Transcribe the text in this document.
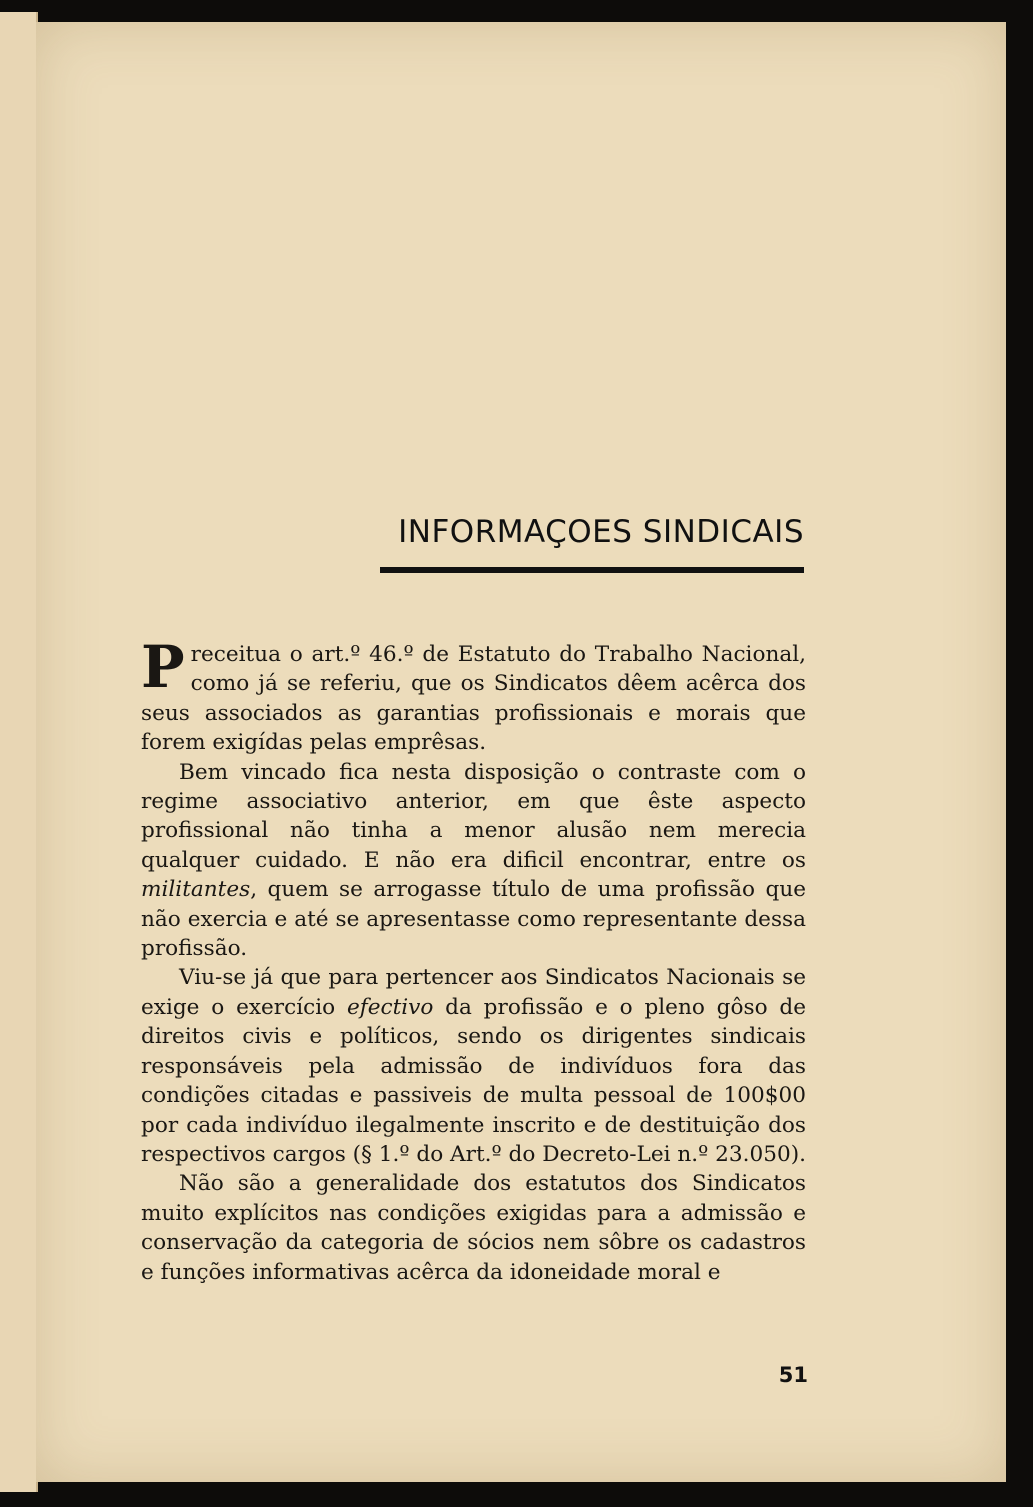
INFORMAÇOES SINDICAIS

Preceitua o art.º 46.º de Estatuto do Trabalho Nacional, como já se referiu, que os Sindicatos dêem acêrca dos seus associados as garantias profissionais e morais que forem exigídas pelas emprêsas.

Bem vincado fica nesta disposição o contraste com o regime associativo anterior, em que êste aspecto profissional não tinha a menor alusão nem merecia qualquer cuidado. E não era dificil encontrar, entre os militantes, quem se arrogasse título de uma profissão que não exercia e até se apresentasse como representante dessa profissão.

Viu-se já que para pertencer aos Sindicatos Nacionais se exige o exercício efectivo da profissão e o pleno gôso de direitos civis e políticos, sendo os dirigentes sindicais responsáveis pela admissão de indivíduos fora das condições citadas e passiveis de multa pessoal de 100$00 por cada indivíduo ilegalmente inscrito e de destituição dos respectivos cargos (§ 1.º do Art.º do Decreto-Lei n.º 23.050).

Não são a generalidade dos estatutos dos Sindicatos muito explícitos nas condições exigidas para a admissão e conservação da categoria de sócios nem sôbre os cadastros e funções informativas acêrca da idoneidade moral e

51
